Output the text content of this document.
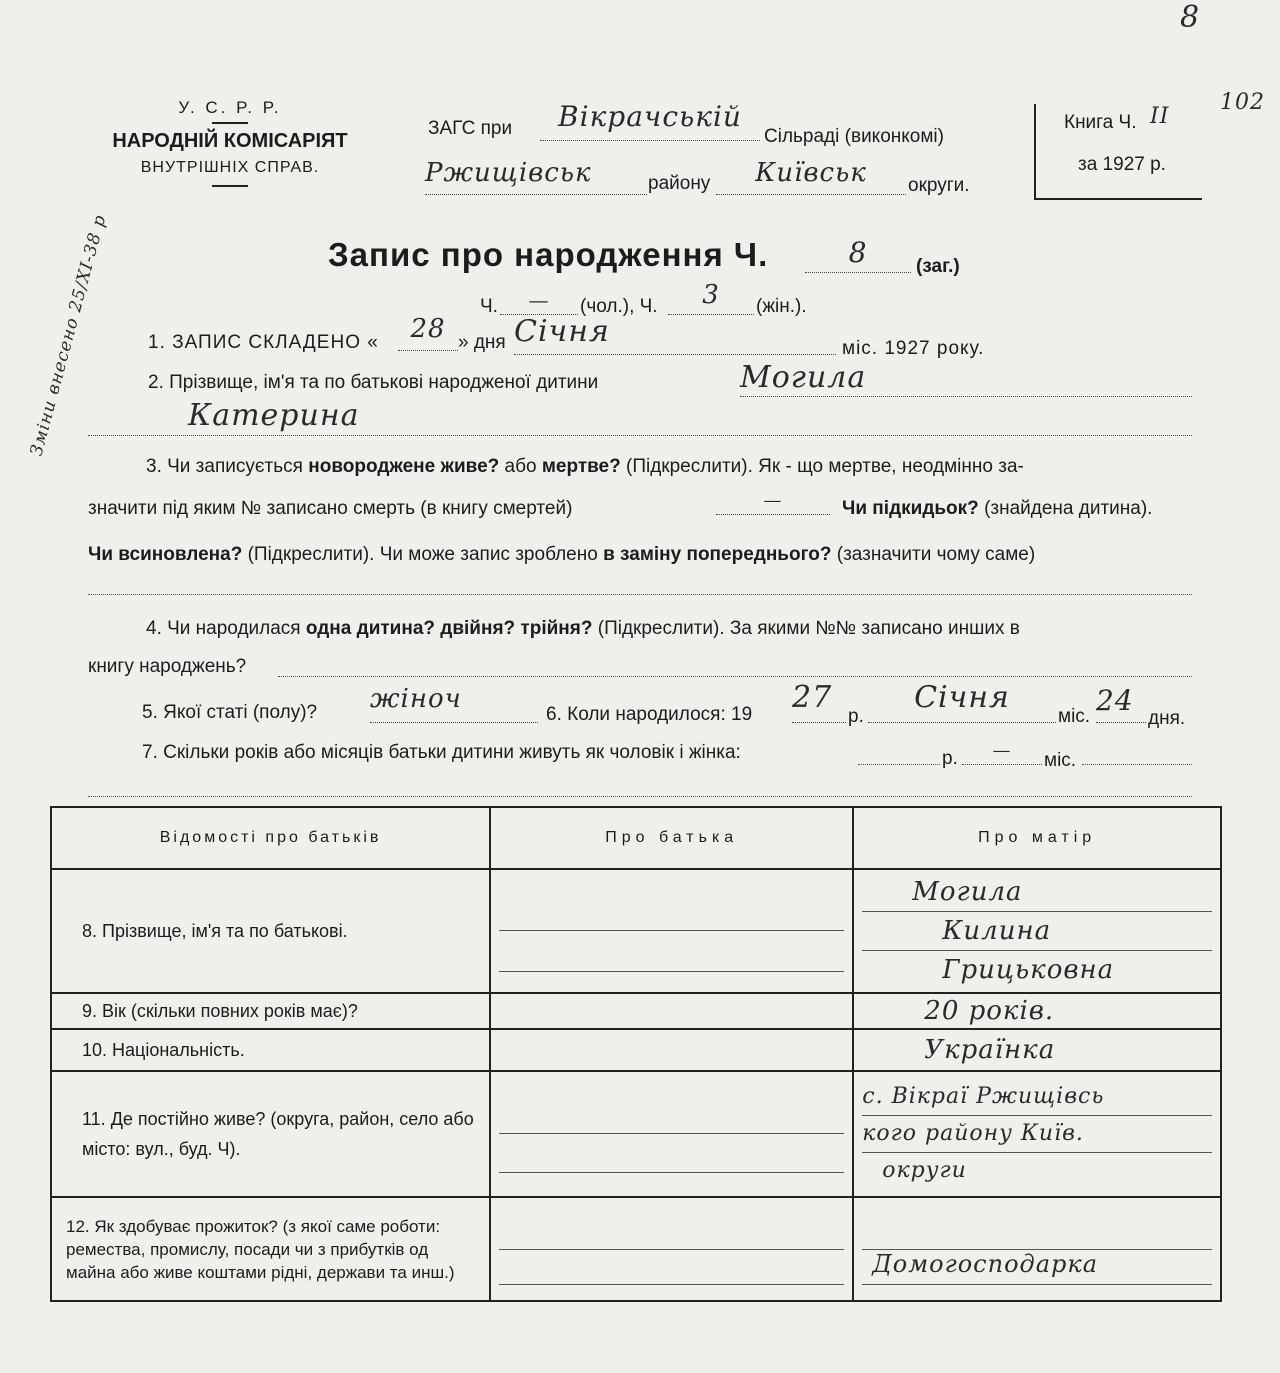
8
Зміни внесено 25/XI-38 р
У. С. Р. Р.
НАРОДНІЙ КОМІСАРІЯТ
ВНУТРІШНІХ СПРАВ.
ЗАГС при	Вікрачській
Сільраді (виконкомі)
Ржищівськ	району	Київськ	округи.
Книга Ч. II
за 1927 р.
102
Запис про народження Ч.	8	(заг.)
Ч.	—	(чол.), Ч.	3	(жін.).
1. ЗАПИС СКЛАДЕНО «	28 » дня Січня	міс. 1927 року.
2. Прізвище, ім'я та по батькові народженої дитини	Могила
Катерина
3. Чи записується новороджене живе? або мертве? (Підкреслити). Як - що мертве, неодмінно за-
значити під яким № записано смерть (в книгу смертей)	—	Чи підкидьок? (знайдена дитина).
Чи всиновлена? (Підкреслити). Чи може запис зроблено в заміну попереднього? (зазначити чому саме)
4. Чи народилася одна дитина? двійня? трійня? (Підкреслити). За якими №№ записано инших в
книгу народжень?
5. Якої статі (полу)? жіноч
6. Коли народилося: 19 27
р.
Січня
міс. 24
дня.
7. Скільки років або місяців батьки дитини живуть як чоловік і жінка:	р.	—	міс.
Відомості про батьків	Про батька	Про матір
8. Прізвище, ім'я та по батькові.		Могила
Килина
Грицьковна

9. Вік (скільки повних років має)?		20 років.
10. Національність.		Українка
11. Де постійно живе? (округа, район, село або місто: вул., буд. Ч).		с. Вікраї Ржищівсь
кого району Київ.
округи

12. Як здобуває прожиток? (з якої саме роботи: ремества, промислу, посади чи з прибутків од майна або живе коштами рідні, держави та инш.)		Домогосподарка
